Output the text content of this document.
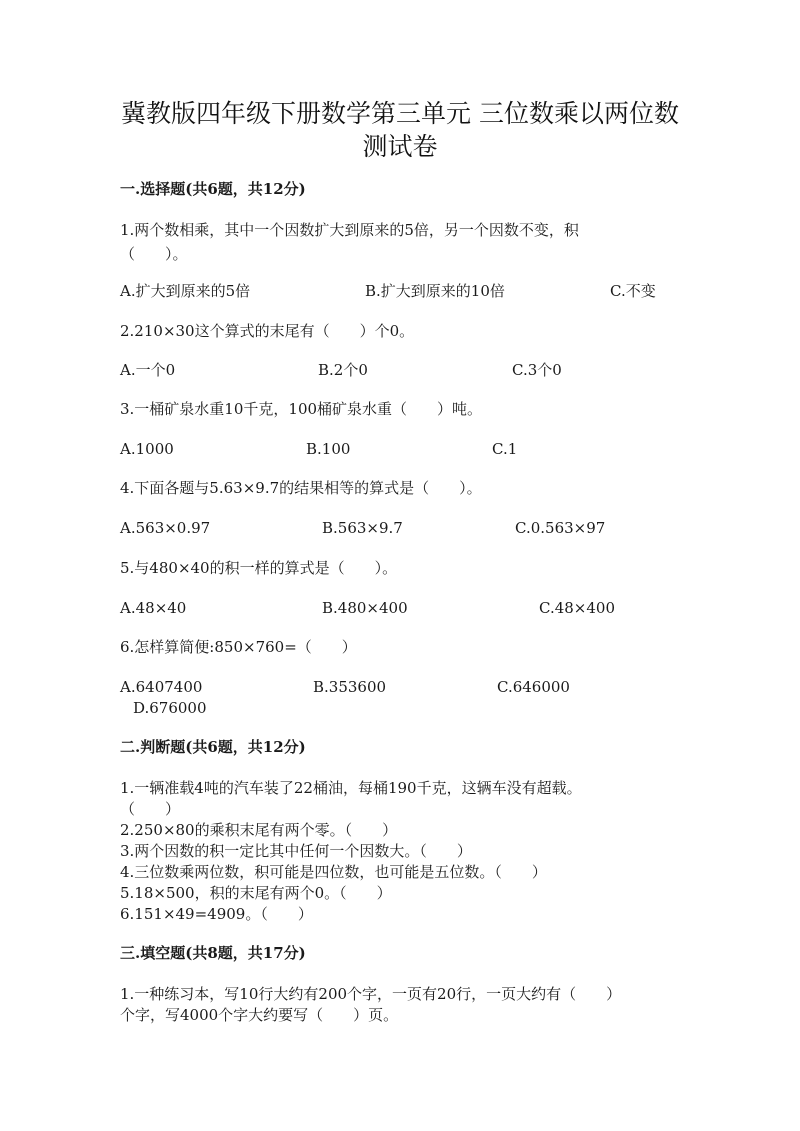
冀教版四年级下册数学第三单元 三位数乘以两位数
测试卷
一.选择题(共6题，共12分)
1.两个数相乘，其中一个因数扩大到原来的5倍，另一个因数不变，积
（　　）。
A.扩大到原来的5倍	B.扩大到原来的10倍	C.不变
2.210×30这个算式的末尾有（　　）个0。
A.一个0	B.2个0	C.3个0
3.一桶矿泉水重10千克，100桶矿泉水重（　　）吨。
A.1000	B.100	C.1
4.下面各题与5.63×9.7的结果相等的算式是（　　）。
A.563×0.97	B.563×9.7	C.0.563×97
5.与480×40的积一样的算式是（　　）。
A.48×40	B.480×400	C.48×400
6.怎样算简便:850×760=（　　）
A.6407400	B.353600	C.646000
D.676000
二.判断题(共6题，共12分)
1.一辆准载4吨的汽车装了22桶油，每桶190千克，这辆车没有超载。
（　　）
2.250×80的乘积末尾有两个零。（　　）
3.两个因数的积一定比其中任何一个因数大。（　　）
4.三位数乘两位数，积可能是四位数，也可能是五位数。（　　）
5.18×500，积的末尾有两个0。（　　）
6.151×49=4909。（　　）
三.填空题(共8题，共17分)
1.一种练习本，写10行大约有200个字，一页有20行，一页大约有（　　）
个字，写4000个字大约要写（　　）页。
